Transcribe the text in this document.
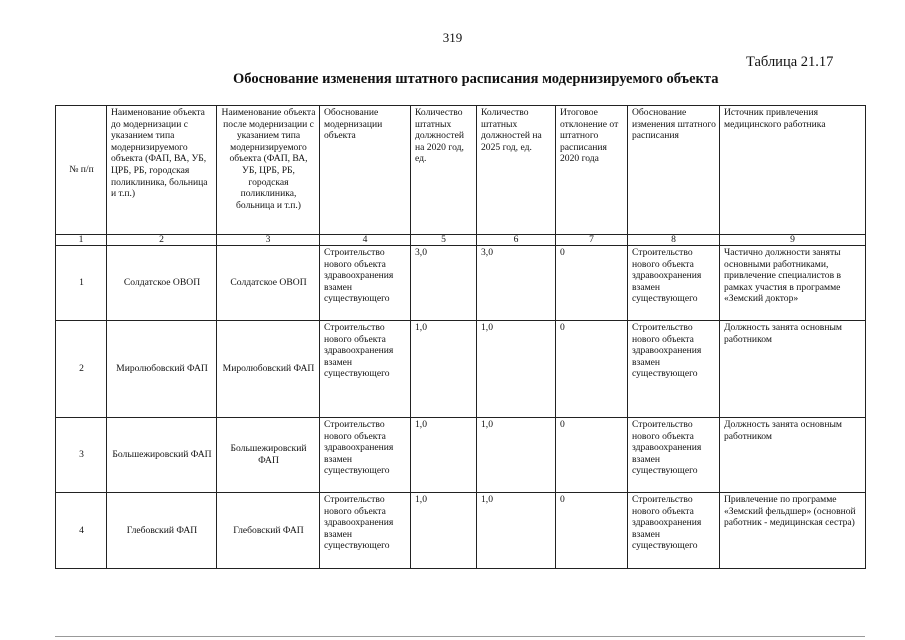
319
Таблица 21.17
Обоснование изменения штатного расписания модернизируемого объекта
№ п/п	Наименование объекта до модернизации с указанием типа модернизируемого объекта (ФАП, ВА, УБ, ЦРБ, РБ, городская поликлиника, больница и т.п.)	Наименование объекта после модернизации с указанием типа модернизируемого объекта (ФАП, ВА, УБ, ЦРБ, РБ, городская поликлиника, больница и т.п.)	Обоснование модернизации объекта	Количество штатных должностей на 2020 год, ед.	Количество штатных должностей на 2025 год, ед.	Итоговое отклонение от штатного расписания 2020 года	Обоснование изменения штатного расписания	Источник привлечения медицинского работника
1	2	3	4	5	6	7	8	9
1	Солдатское ОВОП	Солдатское ОВОП	Строительство нового объекта здравоохранения взамен существующего	3,0	3,0	0	Строительство нового объекта здравоохранения взамен существующего	Частично должности заняты основными работниками, привлечение специалистов в рамках участия в программе «Земский доктор»
2	Миролюбовский ФАП	Миролюбовский ФАП	Строительство нового объекта здравоохранения взамен существующего	1,0	1,0	0	Строительство нового объекта здравоохранения взамен существующего	Должность занята основным работником
3	Большежировский ФАП	Большежировский ФАП	Строительство нового объекта здравоохранения взамен существующего	1,0	1,0	0	Строительство нового объекта здравоохранения взамен существующего	Должность занята основным работником
4	Глебовский ФАП	Глебовский ФАП	Строительство нового объекта здравоохранения взамен существующего	1,0	1,0	0	Строительство нового объекта здравоохранения взамен существующего	Привлечение по программе «Земский фельдшер» (основной работник - медицинская сестра)
